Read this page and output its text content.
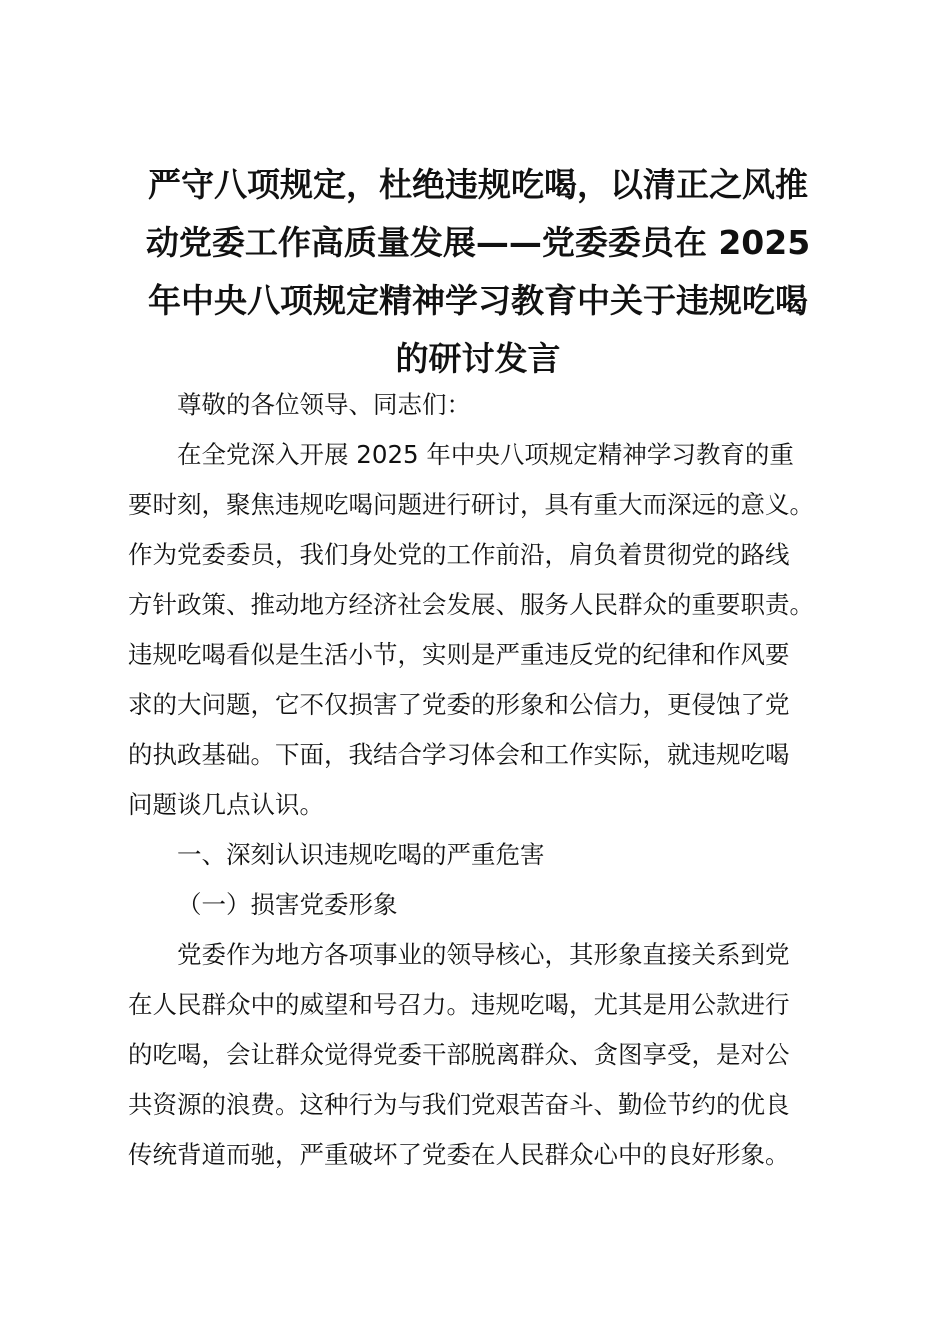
严守八项规定，杜绝违规吃喝，以清正之风推
动党委工作高质量发展——党委委员在 2025
年中央八项规定精神学习教育中关于违规吃喝
的研讨发言
尊敬的各位领导、同志们：
在全党深入开展 2025 年中央八项规定精神学习教育的重
要时刻，聚焦违规吃喝问题进行研讨，具有重大而深远的意义。
作为党委委员，我们身处党的工作前沿，肩负着贯彻党的路线
方针政策、推动地方经济社会发展、服务人民群众的重要职责。
违规吃喝看似是生活小节，实则是严重违反党的纪律和作风要
求的大问题，它不仅损害了党委的形象和公信力，更侵蚀了党
的执政基础。下面，我结合学习体会和工作实际，就违规吃喝
问题谈几点认识。
一、深刻认识违规吃喝的严重危害
（一）损害党委形象
党委作为地方各项事业的领导核心，其形象直接关系到党
在人民群众中的威望和号召力。违规吃喝，尤其是用公款进行
的吃喝，会让群众觉得党委干部脱离群众、贪图享受，是对公
共资源的浪费。这种行为与我们党艰苦奋斗、勤俭节约的优良
传统背道而驰，严重破坏了党委在人民群众心中的良好形象。
